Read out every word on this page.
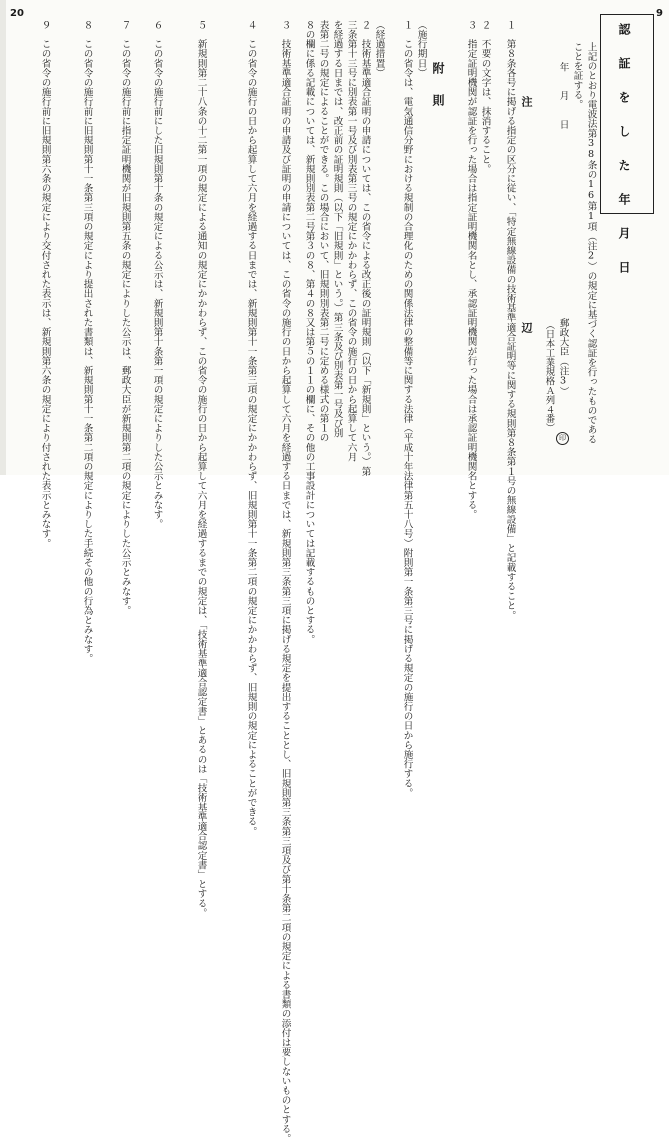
9
20
認　証　を　し　た　年　月　日
上記のとおり電波法第38条の16第1項（注2）の規定に基づく認証を行ったものである
ことを証する。
年　　月　　日
郵政大臣（注3）
印
（日本工業規格Ａ列４番）
注
辺
１　第８条各号に掲げる指定の区分に従い、「特定無線設備の技術基準適合証明等に関する規則第８条第１号の無線設備」と記載すること。
２　不要の文字は、抹消すること。
３　指定証明機関が認証を行った場合は指定証明機関名とし、承認証明機関が行った場合は承認証明機関名とする。
附　則
（施行期日）
１　この省令は、電気通信分野における規制の合理化のための関係法律の整備等に関する法律（平成十年法律第五十八号）附則第一条第三号に掲げる規定の施行の日から施行する。
（経過措置）
２　技術基準適合証明の申請については、この省令による改正後の証明規則（以下「新規則」という。）第
三条第十三号に別表第一号及び別表第三号の規定にかかわらず、この省令の施行の日から起算して六月
を経過する日までは、改正前の証明規則（以下「旧規則」という。）第三条及び別表第一号及び別
表第二号の規定によることができる。この場合において、旧規則別表第二号に定める様式の第１の
８の欄に係る記載については、新規則別表第二号第３の８、第４の８又は第５の１１の欄に、その他の工事設計については記載するものとする。
３　技術基準適合証明の申請及び証明の申請については、この省令の施行の日から起算して六月を経過する日までは、新規則第三条第三項に掲げる規定を提出することとし、旧規則第三条第三項及び第十条第二項の規定による書類の添付は要しないものとする。
４　この省令の施行の日から起算して六月を経過する日までは、新規則第十一条第三項の規定にかかわらず、旧規則第十一条第二項の規定にかかわらず、旧規則の規定によることができる。
５　新規則第二十八条の十二第一項の規定による通知の規定にかかわらず、この省令の施行の日から起算して六月を経過するまでの規定は、「技術基準適合認定書」とあるのは「技術基準適合認定書」とする。
６　この省令の施行前にした旧規則第十条の規定による公示は、新規則第十条第一項の規定によりした公示とみなす。
７　この省令の施行前に指定証明機関が旧規則第五条の規定によりした公示は、郵政大臣が新規則第二項の規定によりした公示とみなす。
８　この省令の施行前に旧規則第十一条第三項の規定により提出された書類は、新規則第十一条第二項の規定によりした手続その他の行為とみなす。
９　この省令の施行前に旧規則第六条の規定により交付された表示は、新規則第六条の規定により付された表示とみなす。
